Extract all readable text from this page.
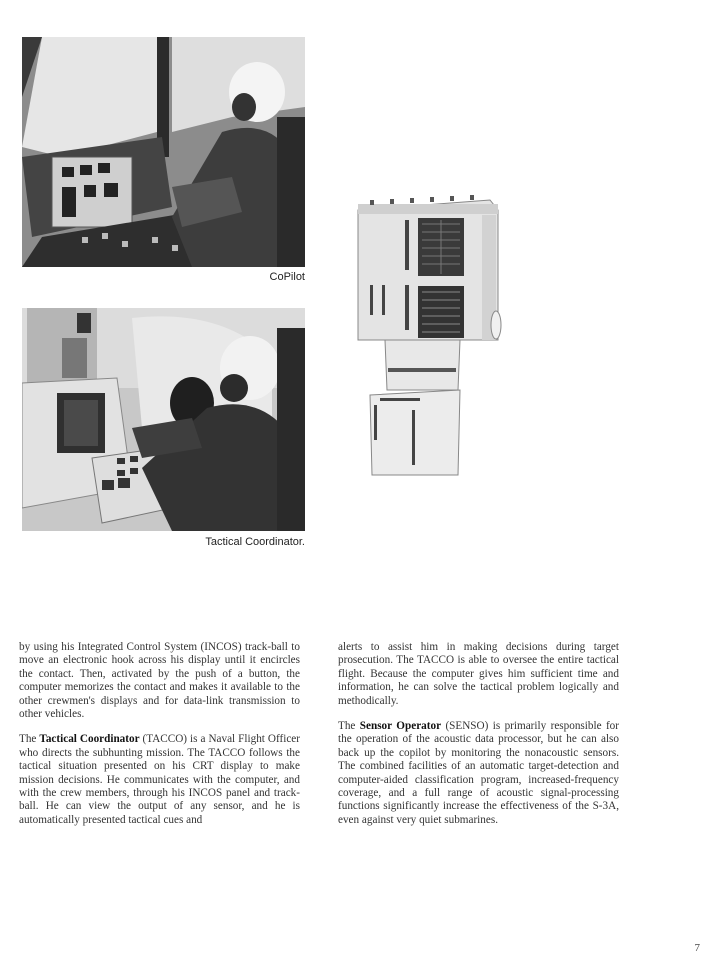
CoPilot
Tactical Coordinator.

by using his Integrated Control System (INCOS) track-ball to move an electronic hook across his display until it encircles the contact. Then, activated by the push of a button, the computer memorizes the contact and makes it available to the other crewmen's displays and for data-link transmission to other vehicles.

The Tactical Coordinator (TACCO) is a Naval Flight Officer who directs the subhunting mission. The TACCO follows the tactical situation presented on his CRT display to make mission decisions. He communicates with the computer, and with the crew members, through his INCOS panel and track-ball. He can view the output of any sensor, and he is automatically presented tactical cues and

alerts to assist him in making decisions during target prosecution. The TACCO is able to oversee the entire tactical flight. Because the computer gives him sufficient time and information, he can solve the tactical problem logically and methodically.

The Sensor Operator (SENSO) is primarily responsible for the operation of the acoustic data processor, but he can also back up the copilot by monitoring the nonacoustic sensors. The combined facilities of an automatic target-detection and computer-aided classification program, increased-frequency coverage, and a full range of acoustic signal-processing functions significantly increase the effectiveness of the S-3A, even against very quiet submarines.

7
